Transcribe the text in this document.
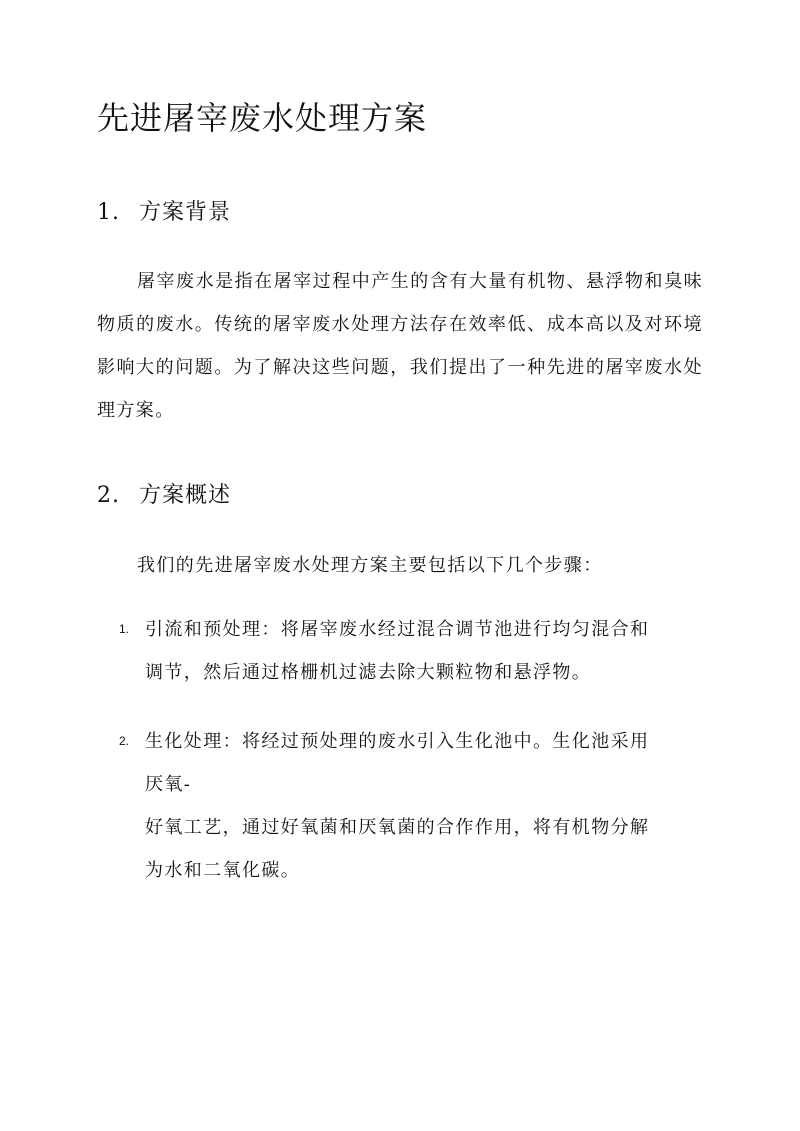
先进屠宰废水处理方案
1. 方案背景

屠宰废水是指在屠宰过程中产生的含有大量有机物、悬浮物和臭味物质的废水。传统的屠宰废水处理方法存在效率低、成本高以及对环境影响大的问题。为了解决这些问题，我们提出了一种先进的屠宰废水处理方案。

2. 方案概述
我们的先进屠宰废水处理方案主要包括以下几个步骤：
1. 引流和预处理：将屠宰废水经过混合调节池进行均匀混合和
调节，然后通过格栅机过滤去除大颗粒物和悬浮物。
2. 生化处理：将经过预处理的废水引入生化池中。生化池采用
厌氧-
好氧工艺，通过好氧菌和厌氧菌的合作作用，将有机物分解
为水和二氧化碳。
